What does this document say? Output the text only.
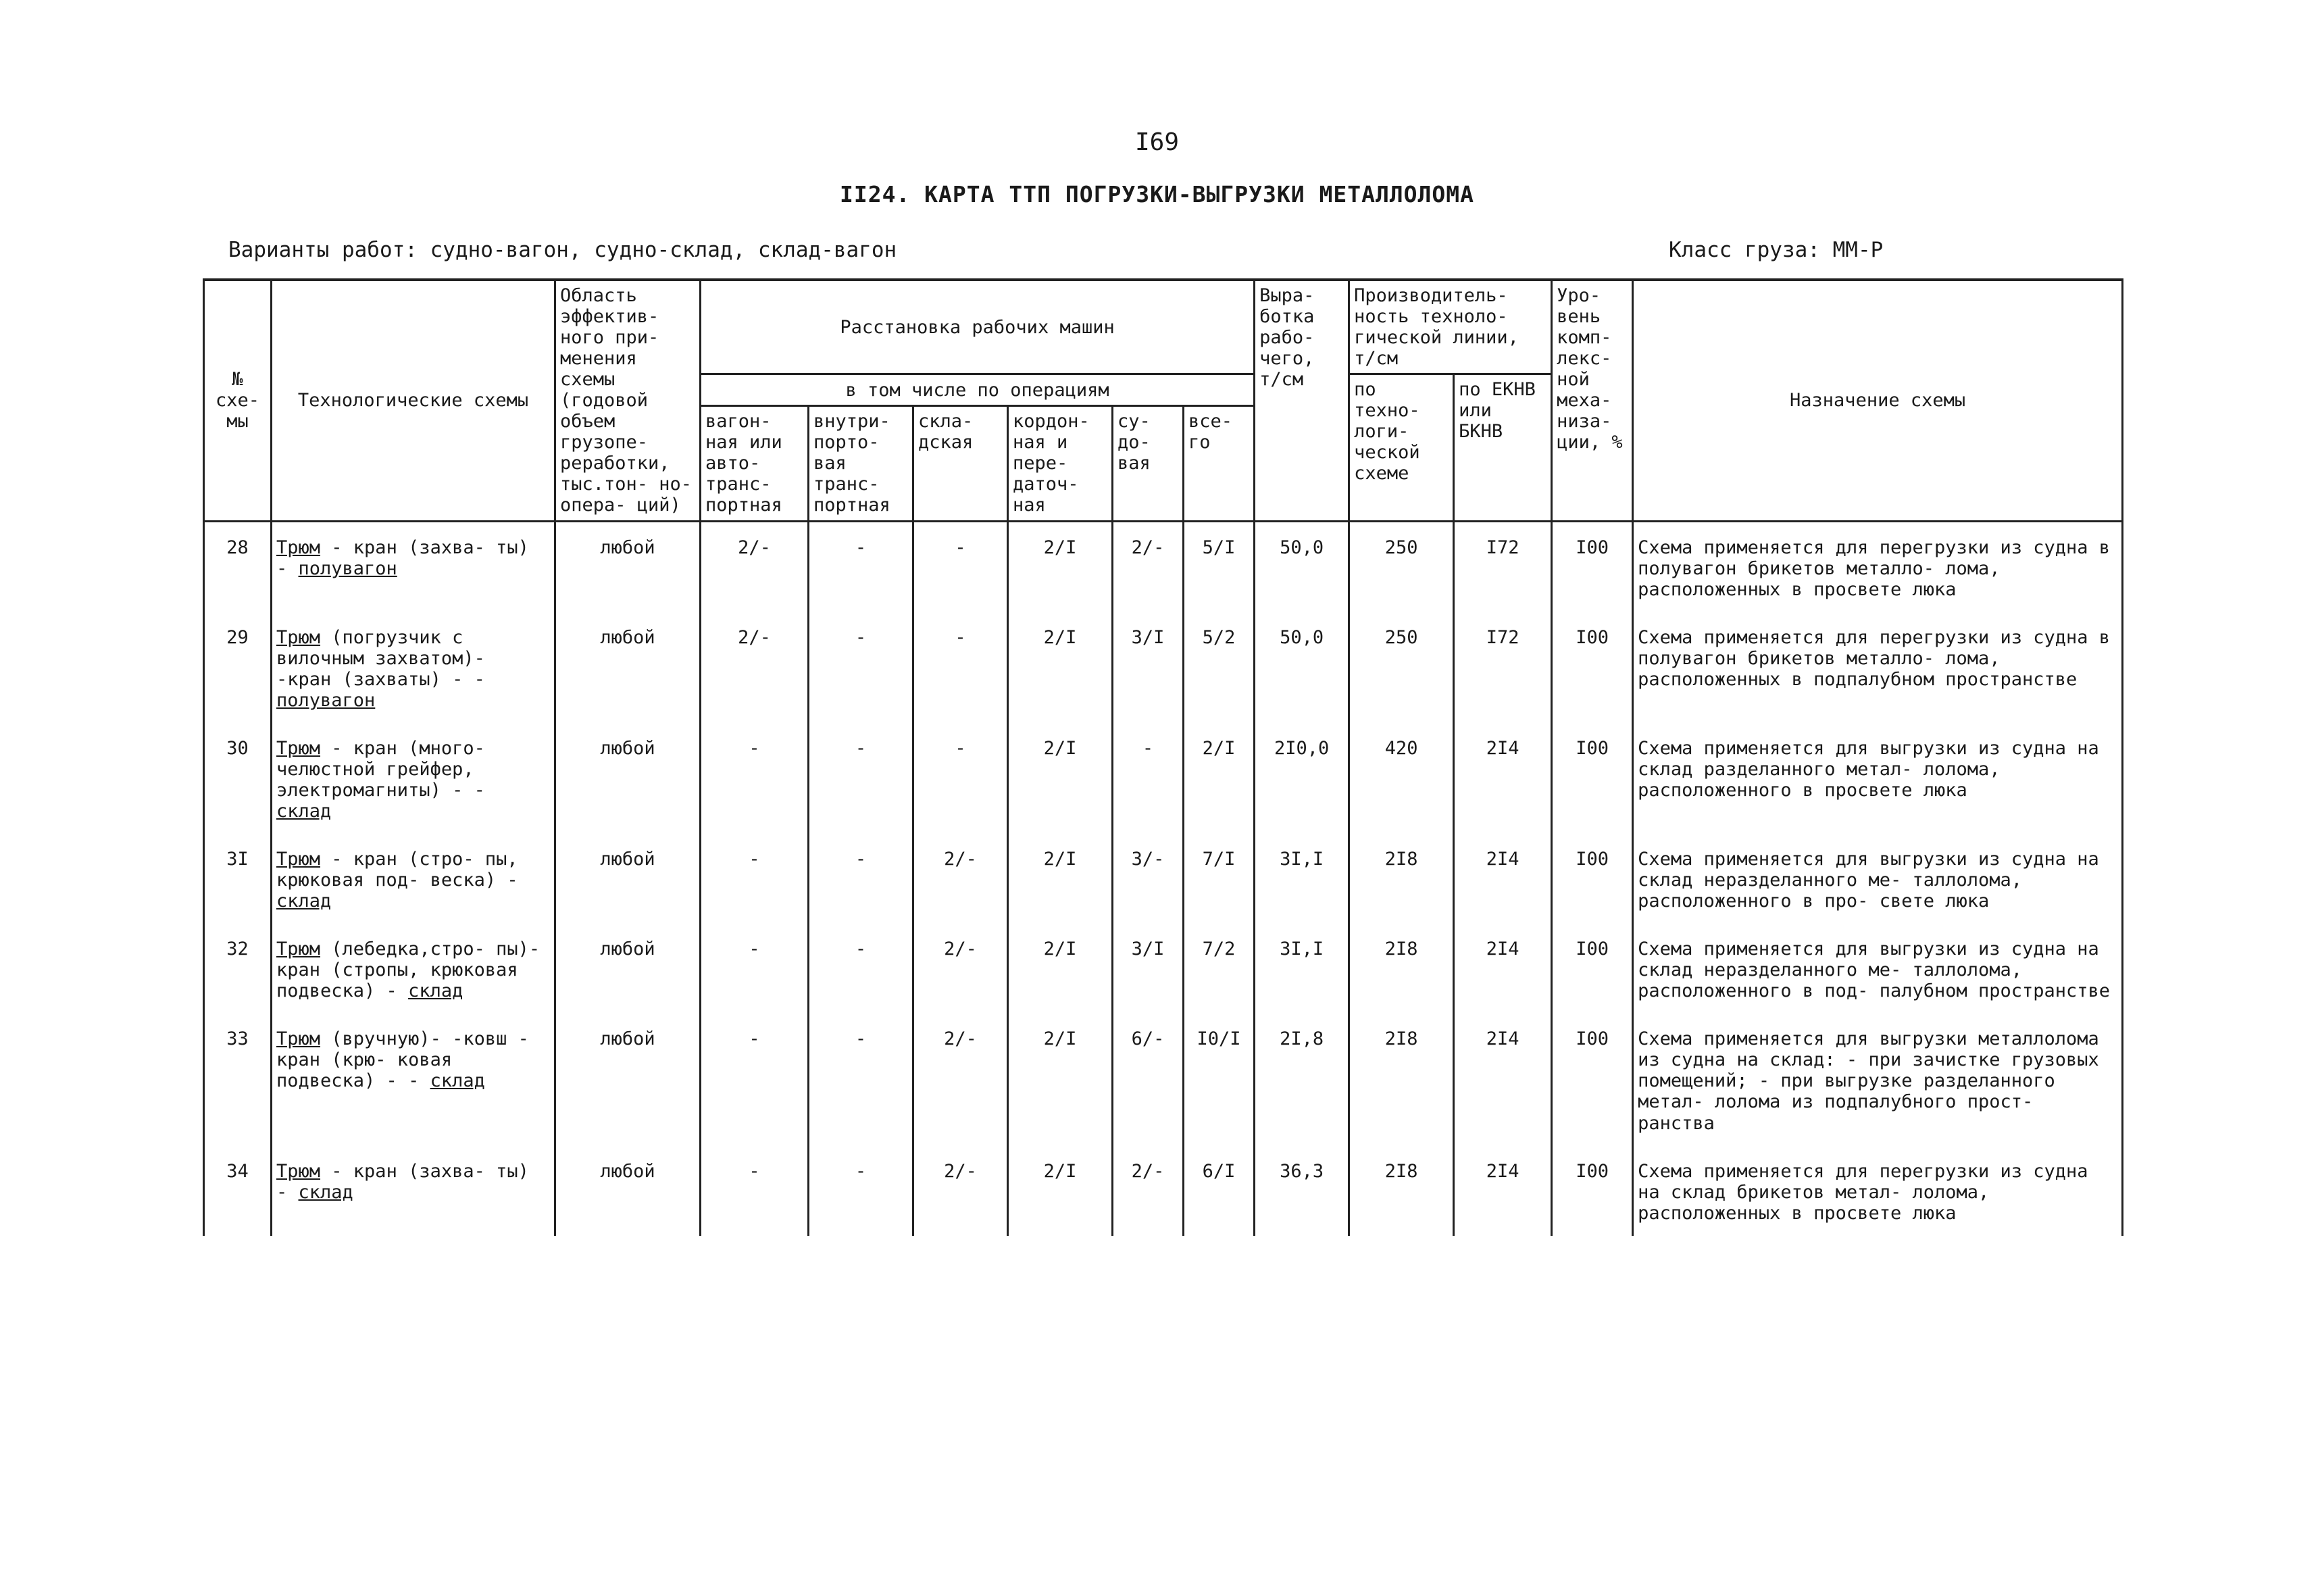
I69
II24. КАРТА ТТП ПОГРУЗКИ-ВЫГРУЗКИ МЕТАЛЛОЛОМА
Варианты работ: судно-вагон, судно-склад, склад-вагон	Класс груза: ММ-Р
№ схе- мы	Технологические схемы	Область эффектив- ного при- менения схемы (годовой объем грузопе- реработки, тыс.тон- но-опера- ций)	Расстановка рабочих машин						Выра- ботка рабо- чего, т/см	Производитель- ность техноло- гической линии, т/см		Уро- вень комп- лекс- ной меха- низа- ции, %	Назначение схемы
			в том числе по операциям							по техно- логи- ческой схеме	по ЕКНВ или БКНВ		
			вагон- ная или авто- транс- портная	внутри- порто- вая транс- портная	скла- дская	кордон- ная и пере- даточ- ная	су- до- вая	все- го					
28	Трюм - кран (захва- ты) - полувагон	любой	2/-	-	-	2/I	2/-	5/I	50,0	250	I72	I00	Схема применяется для перегрузки из судна в полувагон брикетов металло- лома, расположенных в просвете люка
29	Трюм (погрузчик с вилочным захватом)- -кран (захваты) - - полувагон	любой	2/-	-	-	2/I	3/I	5/2	50,0	250	I72	I00	Схема применяется для перегрузки из судна в полувагон брикетов металло- лома, расположенных в подпалубном пространстве
30	Трюм - кран (много- челюстной грейфер, электромагниты) - - склад	любой	-	-	-	2/I	-	2/I	2I0,0	420	2I4	I00	Схема применяется для выгрузки из судна на склад разделанного метал- лолома, расположенного в просвете люка
3I	Трюм - кран (стро- пы, крюковая под- веска) - склад	любой	-	-	2/-	2/I	3/-	7/I	3I,I	2I8	2I4	I00	Схема применяется для выгрузки из судна на склад неразделанного ме- таллолома, расположенного в про- свете люка
32	Трюм (лебедка,стро- пы)-кран (стропы, крюковая подвеска) - склад	любой	-	-	2/-	2/I	3/I	7/2	3I,I	2I8	2I4	I00	Схема применяется для выгрузки из судна на склад неразделанного ме- таллолома, расположенного в под- палубном пространстве
33	Трюм (вручную)- -ковш - кран (крю- ковая подвеска) - - склад	любой	-	-	2/-	2/I	6/-	I0/I	2I,8	2I8	2I4	I00	Схема применяется для выгрузки металлолома из судна на склад: - при зачистке грузовых помещений; - при выгрузке разделанного метал- лолома из подпалубного прост- ранства
34	Трюм - кран (захва- ты) - склад	любой	-	-	2/-	2/I	2/-	6/I	36,3	2I8	2I4	I00	Схема применяется для перегрузки из судна на склад брикетов метал- лолома, расположенных в просвете люка
